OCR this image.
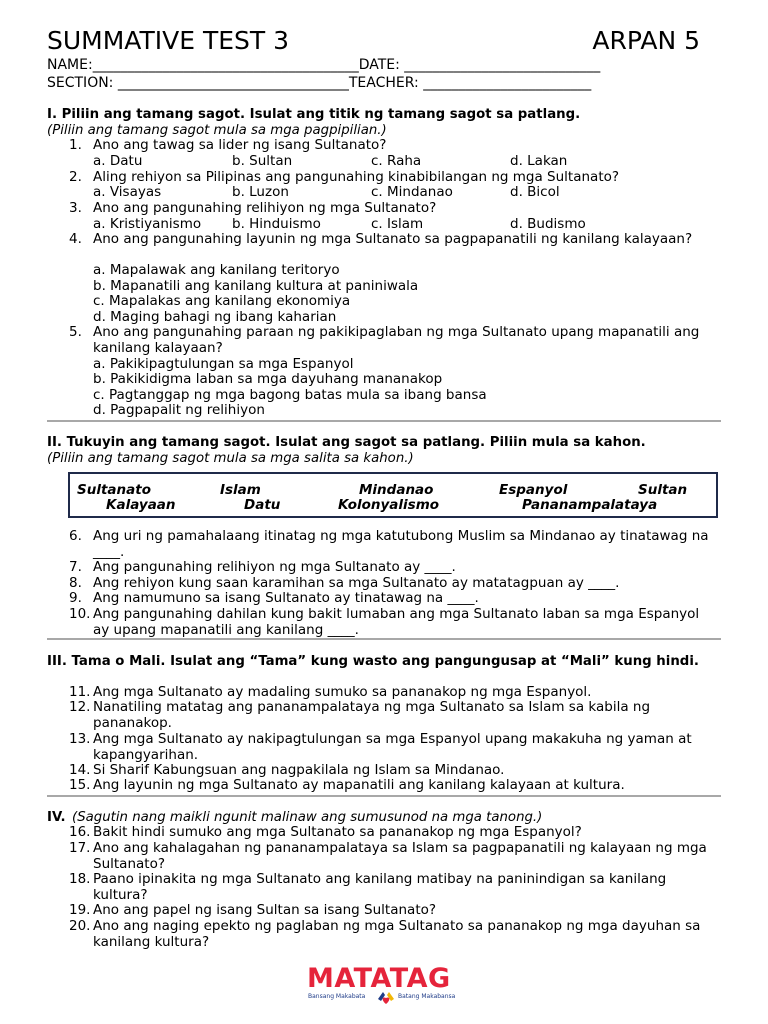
SUMMATIVE TEST 3	ARPAN 5
NAME:______________________________________DATE: ____________________________
SECTION: _________________________________TEACHER: ________________________
I. Piliin ang tamang sagot. Isulat ang titik ng tamang sagot sa patlang.
(Piliin ang tamang sagot mula sa mga pagpipilian.)
1. Ano ang tawag sa lider ng isang Sultanato?
a. Datu	b. Sultan	c. Raha	d. Lakan
2. Aling rehiyon sa Pilipinas ang pangunahing kinabibilangan ng mga Sultanato?
a. Visayas	b. Luzon	c. Mindanao	d. Bicol
3. Ano ang pangunahing relihiyon ng mga Sultanato?
a. Kristiyanismo b. Hinduismo	c. Islam	d. Budismo
4. Ano ang pangunahing layunin ng mga Sultanato sa pagpapanatili ng kanilang kalayaan?
a. Mapalawak ang kanilang teritoryo
b. Mapanatili ang kanilang kultura at paniniwala
c. Mapalakas ang kanilang ekonomiya
d. Maging bahagi ng ibang kaharian
5. Ano ang pangunahing paraan ng pakikipaglaban ng mga Sultanato upang mapanatili ang kanilang kalayaan?
a. Pakikipagtulungan sa mga Espanyol
b. Pakikidigma laban sa mga dayuhang mananakop
c. Pagtanggap ng mga bagong batas mula sa ibang bansa
d. Pagpapalit ng relihiyon
II. Tukuyin ang tamang sagot. Isulat ang sagot sa patlang. Piliin mula sa kahon.
(Piliin ang tamang sagot mula sa mga salita sa kahon.)
Sultanato	Islam	Mindanao	Espanyol	Sultan
Kalayaan	Datu	Kolonyalismo	Pananampalataya
6. Ang uri ng pamahalaang itinatag ng mga katutubong Muslim sa Mindanao ay tinatawag na ____.
7. Ang pangunahing relihiyon ng mga Sultanato ay ____.
8. Ang rehiyon kung saan karamihan sa mga Sultanato ay matatagpuan ay ____.
9. Ang namumuno sa isang Sultanato ay tinatawag na ____.
10. Ang pangunahing dahilan kung bakit lumaban ang mga Sultanato laban sa mga Espanyol ay upang mapanatili ang kanilang ____.
III. Tama o Mali. Isulat ang “Tama” kung wasto ang pangungusap at “Mali” kung hindi.
11. Ang mga Sultanato ay madaling sumuko sa pananakop ng mga Espanyol.
12. Nanatiling matatag ang pananampalataya ng mga Sultanato sa Islam sa kabila ng pananakop.
13. Ang mga Sultanato ay nakipagtulungan sa mga Espanyol upang makakuha ng yaman at kapangyarihan.
14. Si Sharif Kabungsuan ang nagpakilala ng Islam sa Mindanao.
15. Ang layunin ng mga Sultanato ay mapanatili ang kanilang kalayaan at kultura.
IV. (Sagutin nang maikli ngunit malinaw ang sumusunod na mga tanong.)
16. Bakit hindi sumuko ang mga Sultanato sa pananakop ng mga Espanyol?
17. Ano ang kahalagahan ng pananampalataya sa Islam sa pagpapanatili ng kalayaan ng mga Sultanato?
18. Paano ipinakita ng mga Sultanato ang kanilang matibay na paninindigan sa kanilang kultura?
19. Ano ang papel ng isang Sultan sa isang Sultanato?
20. Ano ang naging epekto ng paglaban ng mga Sultanato sa pananakop ng mga dayuhan sa kanilang kultura?
MATATAG
Bansang Makabata	Batang Makabansa
